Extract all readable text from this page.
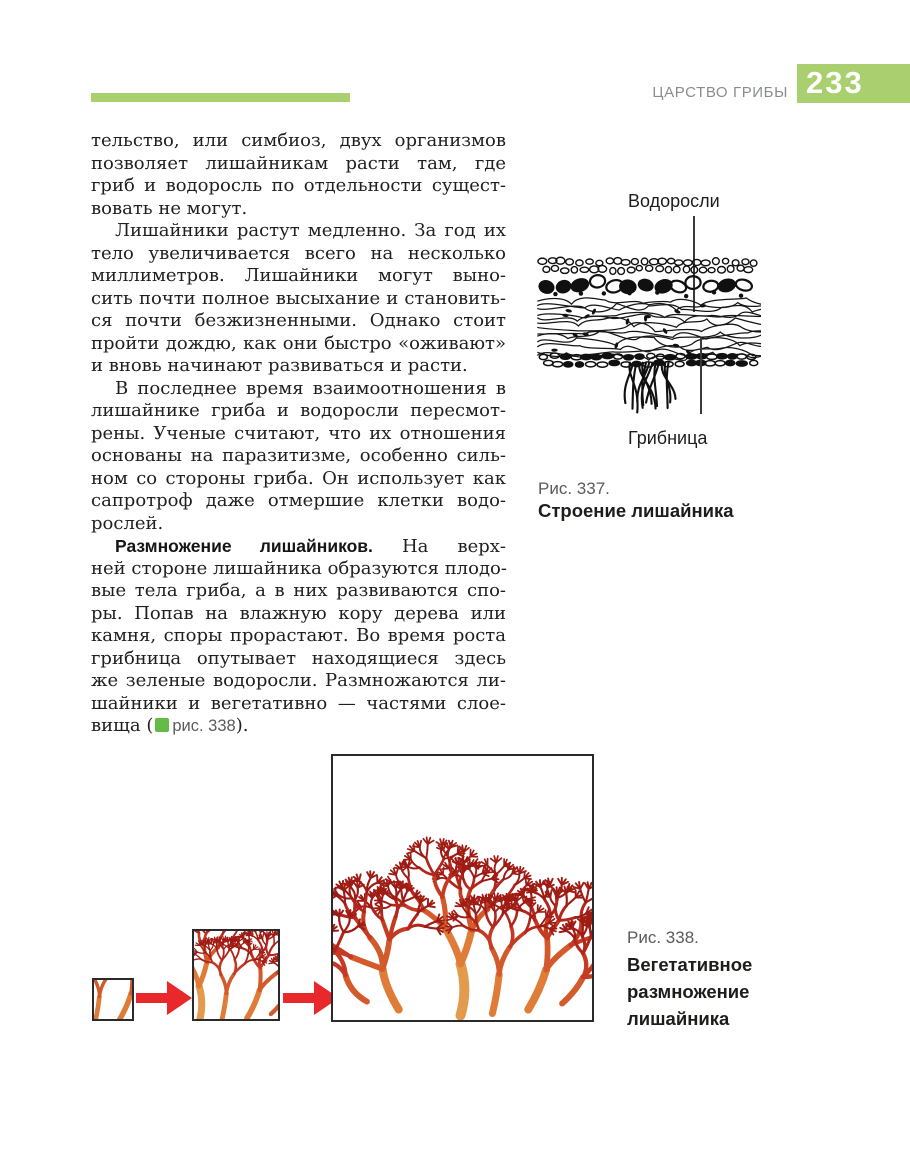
ЦАРСТВО ГРИБЫ 233
тельство, или симбиоз, двух организмов
позволяет лишайникам расти там, где
гриб и водоросль по отдельности сущест-
вовать не могут.
Лишайники растут медленно. За год их
тело увеличивается всего на несколько
миллиметров. Лишайники могут выно-
сить почти полное высыхание и становить-
ся почти безжизненными. Однако стоит
пройти дождю, как они быстро «оживают»
и вновь начинают развиваться и расти.
В последнее время взаимоотношения в
лишайнике гриба и водоросли пересмот-
рены. Ученые считают, что их отношения
основаны на паразитизме, особенно силь-
ном со стороны гриба. Он использует как
сапротроф даже отмершие клетки водо-
рослей.
Размножение лишайников. На верх-
ней стороне лишайника образуются плодо-
вые тела гриба, а в них развиваются спо-
ры. Попав на влажную кору дерева или
камня, споры прорастают. Во время роста
грибница опутывает находящиеся здесь
же зеленые водоросли. Размножаются ли-
шайники и вегетативно — частями слое-
вища ( рис. 338).
Водоросли
Грибница
Рис. 337.
Строение лишайника
Рис. 338.
Вегетативное размножение лишайника
